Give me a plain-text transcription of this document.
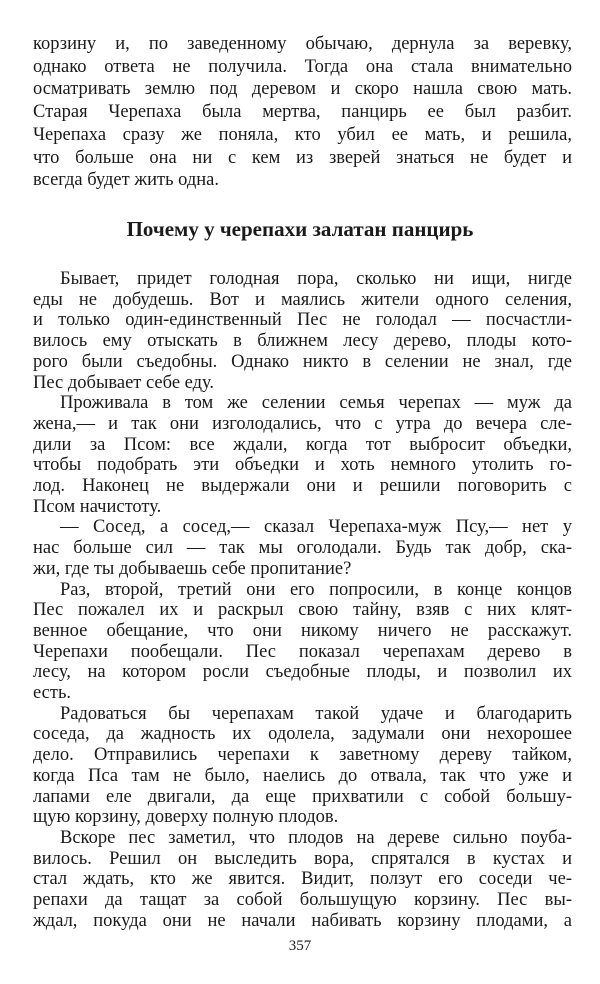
корзину и, по заведенному обычаю, дернула за веревку,
однако ответа не получила. Тогда она стала внимательно
осматривать землю под деревом и скоро нашла свою мать.
Старая Черепаха была мертва, панцирь ее был разбит.
Черепаха сразу же поняла, кто убил ее мать, и решила,
что больше она ни с кем из зверей знаться не будет и
всегда будет жить одна.
Почему у черепахи залатан панцирь
Бывает, придет голодная пора, сколько ни ищи, нигде
еды не добудешь. Вот и маялись жители одного селения,
и только один-единственный Пес не голодал — посчастли-
вилось ему отыскать в ближнем лесу дерево, плоды кото-
рого были съедобны. Однако никто в селении не знал, где
Пес добывает себе еду.
Проживала в том же селении семья черепах — муж да
жена,— и так они изголодались, что с утра до вечера сле-
дили за Псом: все ждали, когда тот выбросит объедки,
чтобы подобрать эти объедки и хоть немного утолить го-
лод. Наконец не выдержали они и решили поговорить с
Псом начистоту.
— Сосед, а сосед,— сказал Черепаха-муж Псу,— нет у
нас больше сил — так мы оголодали. Будь так добр, ска-
жи, где ты добываешь себе пропитание?
Раз, второй, третий они его попросили, в конце концов
Пес пожалел их и раскрыл свою тайну, взяв с них клят-
венное обещание, что они никому ничего не расскажут.
Черепахи пообещали. Пес показал черепахам дерево в
лесу, на котором росли съедобные плоды, и позволил их
есть.
Радоваться бы черепахам такой удаче и благодарить
соседа, да жадность их одолела, задумали они нехорошее
дело. Отправились черепахи к заветному дереву тайком,
когда Пса там не было, наелись до отвала, так что уже и
лапами еле двигали, да еще прихватили с собой большу-
щую корзину, доверху полную плодов.
Вскоре пес заметил, что плодов на дереве сильно поуба-
вилось. Решил он выследить вора, спрятался в кустах и
стал ждать, кто же явится. Видит, ползут его соседи че-
репахи да тащат за собой большущую корзину. Пес вы-
ждал, покуда они не начали набивать корзину плодами, а
357
